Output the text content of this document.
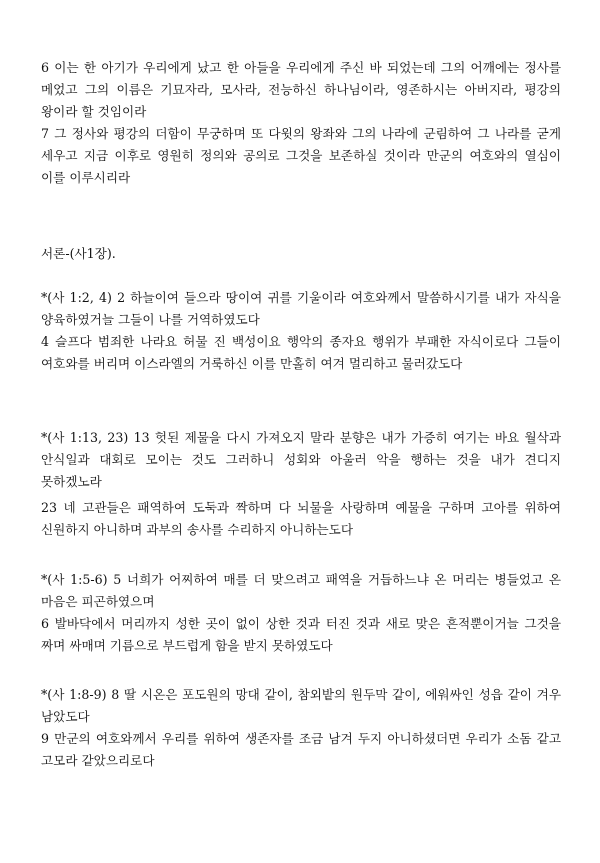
6 이는 한 아기가 우리에게 났고 한 아들을 우리에게 주신 바 되었는데 그의 어깨에는 정사를 메었고 그의 이름은 기묘자라, 모사라, 전능하신 하나님이라, 영존하시는 아버지라, 평강의 왕이라 할 것임이라

7 그 정사와 평강의 더함이 무궁하며 또 다윗의 왕좌와 그의 나라에 군림하여 그 나라를 굳게 세우고 지금 이후로 영원히 정의와 공의로 그것을 보존하실 것이라 만군의 여호와의 열심이 이를 이루시리라

서론-(사1장).

*(사 1:2, 4) 2 하늘이여 들으라 땅이여 귀를 기울이라 여호와께서 말씀하시기를 내가 자식을 양육하였거늘 그들이 나를 거역하였도다

4 슬프다 범죄한 나라요 허물 진 백성이요 행악의 종자요 행위가 부패한 자식이로다 그들이 여호와를 버리며 이스라엘의 거룩하신 이를 만홀히 여겨 멀리하고 물러갔도다

*(사 1:13, 23) 13 헛된 제물을 다시 가져오지 말라 분향은 내가 가증히 여기는 바요 월삭과 안식일과 대회로 모이는 것도 그러하니 성회와 아울러 악을 행하는 것을 내가 견디지 못하겠노라

23 네 고관들은 패역하여 도둑과 짝하며 다 뇌물을 사랑하며 예물을 구하며 고아를 위하여 신원하지 아니하며 과부의 송사를 수리하지 아니하는도다

*(사 1:5-6) 5 너희가 어찌하여 매를 더 맞으려고 패역을 거듭하느냐 온 머리는 병들었고 온 마음은 피곤하였으며

6 발바닥에서 머리까지 성한 곳이 없이 상한 것과 터진 것과 새로 맞은 흔적뿐이거늘 그것을 짜며 싸매며 기름으로 부드럽게 함을 받지 못하였도다

*(사 1:8-9) 8 딸 시온은 포도원의 망대 같이, 참외밭의 원두막 같이, 에워싸인 성읍 같이 겨우 남았도다

9 만군의 여호와께서 우리를 위하여 생존자를 조금 남겨 두지 아니하셨더면 우리가 소돔 같고 고모라 같았으리로다
